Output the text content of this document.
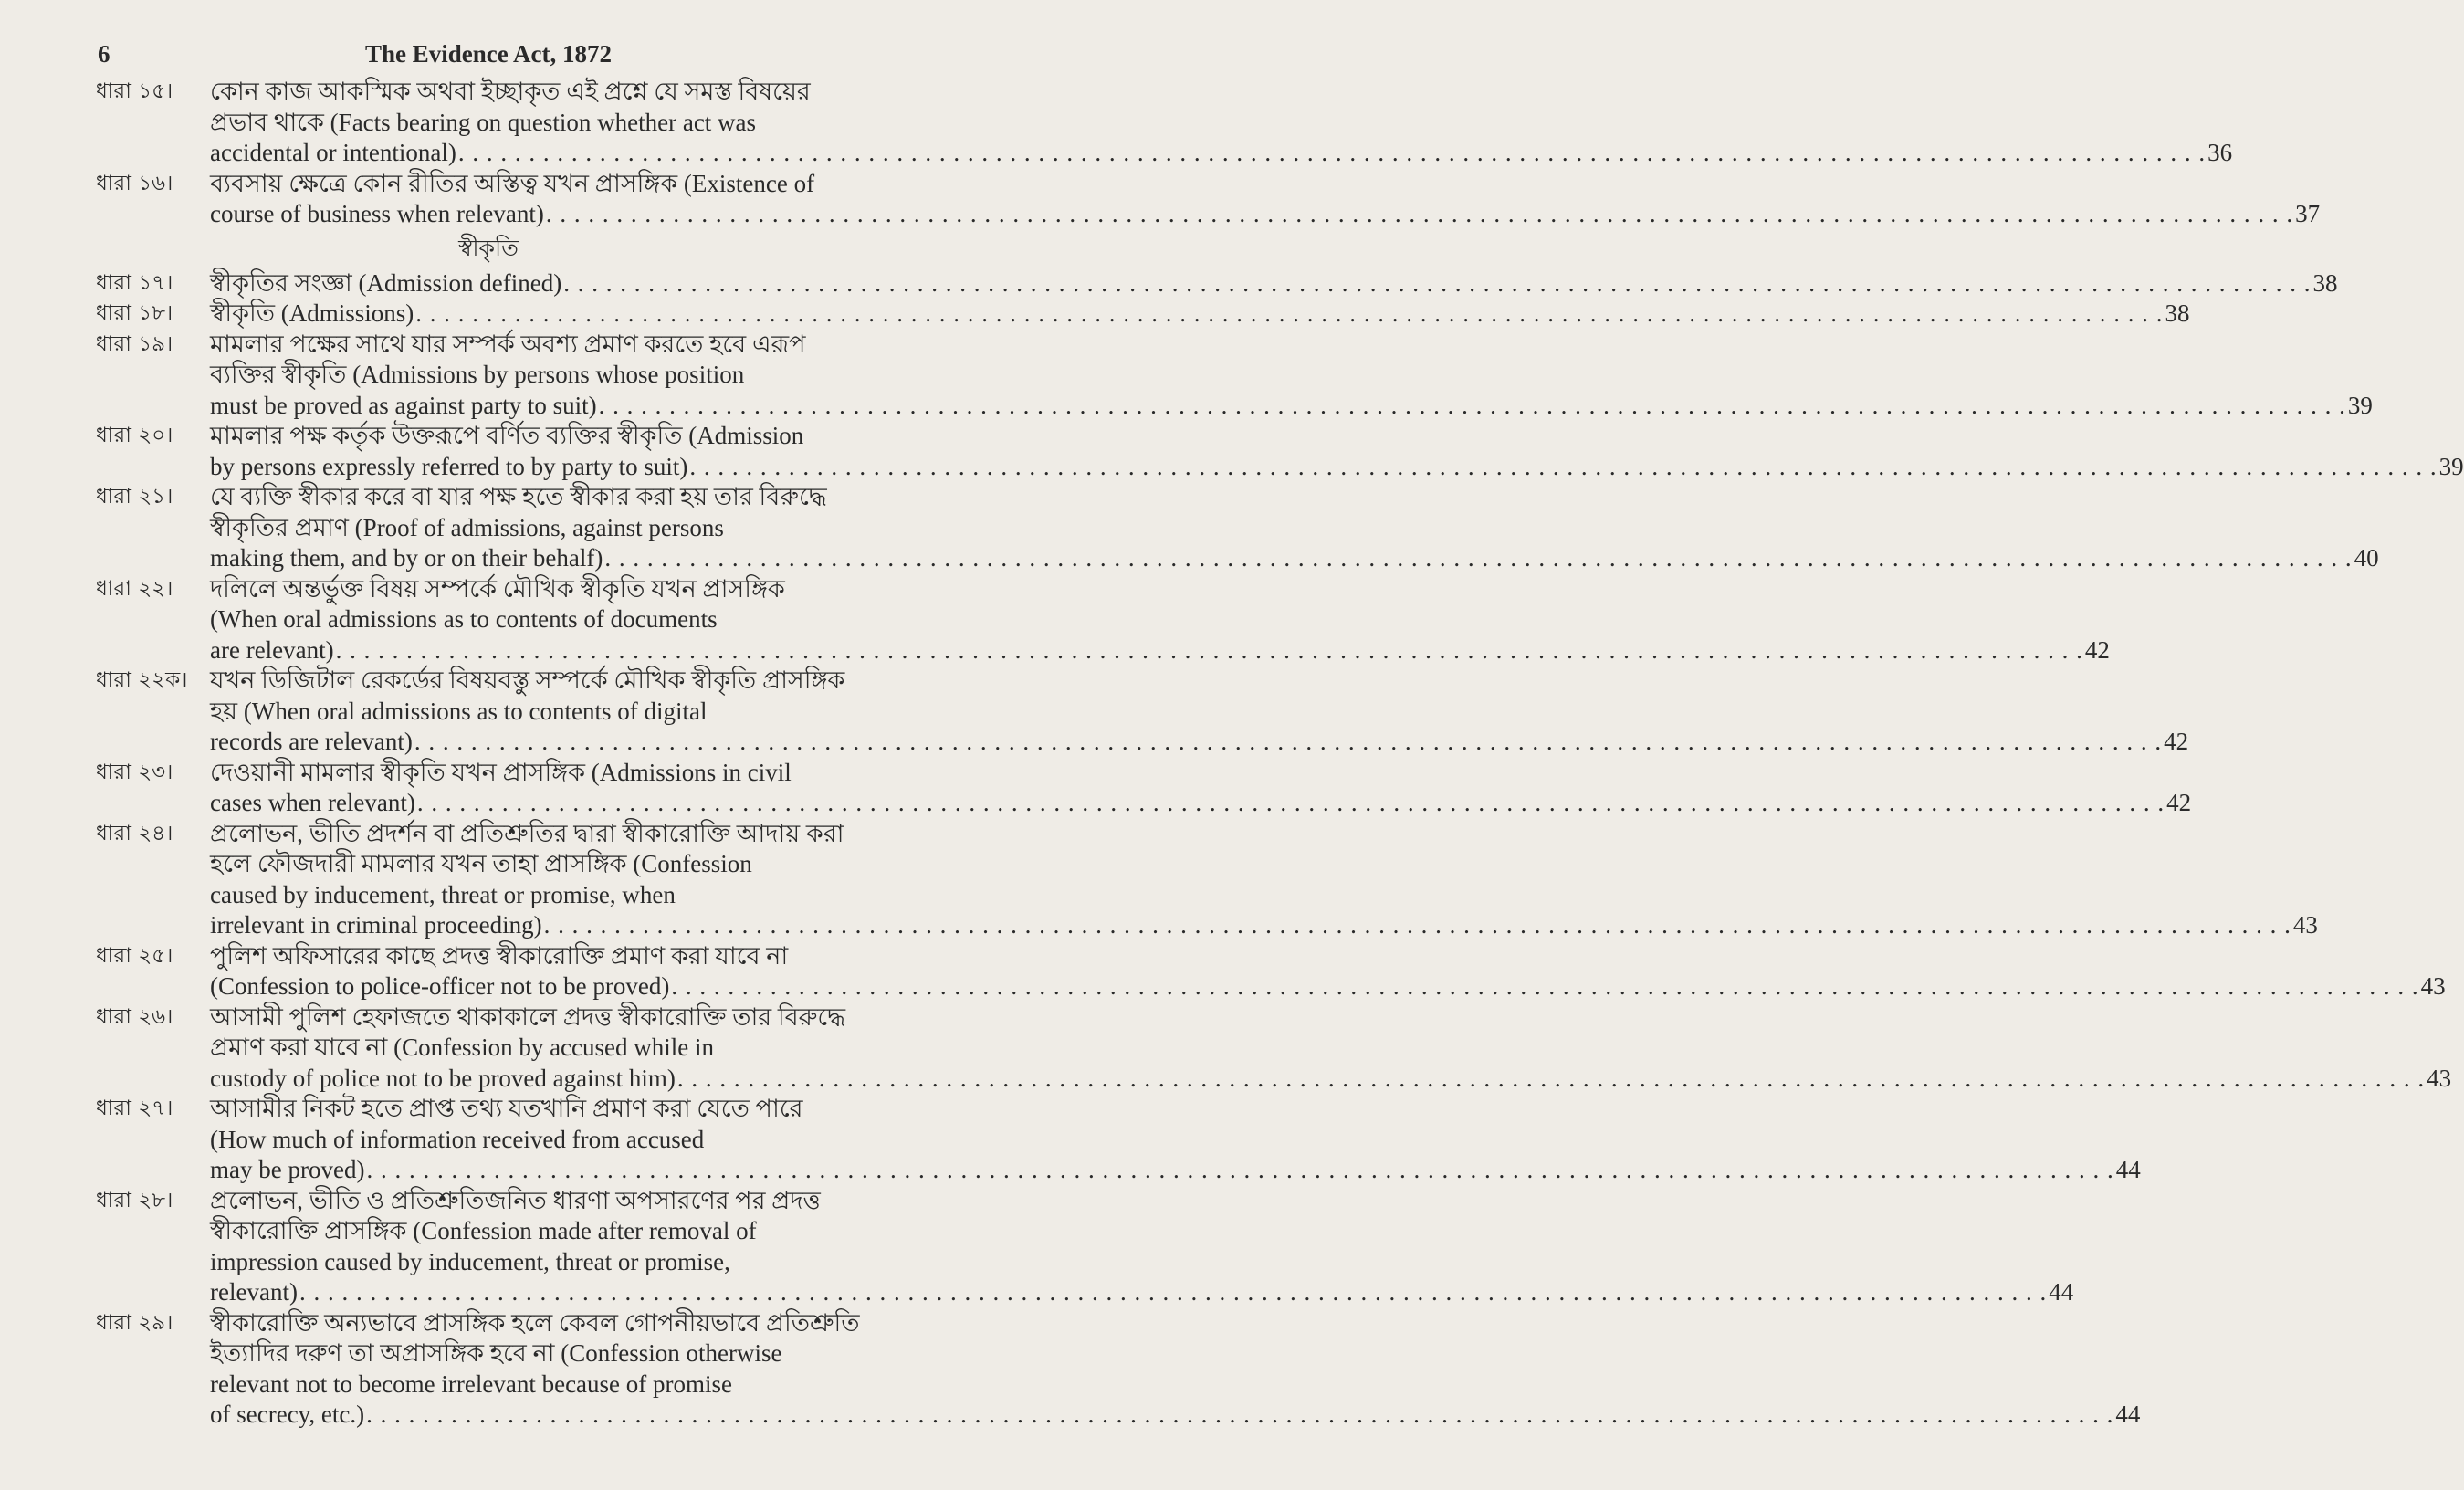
6	The Evidence Act, 1872
ধারা ১৫।	কোন কাজ আকস্মিক অথবা ইচ্ছাকৃত এই প্রশ্নে যে সমস্ত বিষয়ের
প্রভাব থাকে (Facts bearing on question whether act was
accidental or intentional) . . .	36
ধারা ১৬।	ব্যবসায় ক্ষেত্রে কোন রীতির অস্তিত্ব যখন প্রাসঙ্গিক (Existence of
course of business when relevant) . . .	37
স্বীকৃতি
ধারা ১৭।	স্বীকৃতির সংজ্ঞা (Admission defined) . . .	38
ধারা ১৮।	স্বীকৃতি (Admissions) . . .	38
ধারা ১৯।	মামলার পক্ষের সাথে যার সম্পর্ক অবশ্য প্রমাণ করতে হবে এরূপ
ব্যক্তির স্বীকৃতি (Admissions by persons whose position
must be proved as against party to suit) . . .	39
ধারা ২০।	মামলার পক্ষ কর্তৃক উক্তরূপে বর্ণিত ব্যক্তির স্বীকৃতি (Admission
by persons expressly referred to by party to suit) . . .	39
ধারা ২১।	যে ব্যক্তি স্বীকার করে বা যার পক্ষ হতে স্বীকার করা হয় তার বিরুদ্ধে
স্বীকৃতির প্রমাণ (Proof of admissions, against persons
making them, and by or on their behalf) . . .	40
ধারা ২২।	দলিলে অন্তর্ভুক্ত বিষয় সম্পর্কে মৌখিক স্বীকৃতি যখন প্রাসঙ্গিক
(When oral admissions as to contents of documents
are relevant) . . .	42
ধারা ২২ক। যখন ডিজিটাল রেকর্ডের বিষয়বস্তু সম্পর্কে মৌখিক স্বীকৃতি প্রাসঙ্গিক
হয় (When oral admissions as to contents of digital
records are relevant) . . .	42
ধারা ২৩।	দেওয়ানী মামলার স্বীকৃতি যখন প্রাসঙ্গিক (Admissions in civil
cases when relevant) . . .	42
ধারা ২৪।	প্রলোভন, ভীতি প্রদর্শন বা প্রতিশ্রুতির দ্বারা স্বীকারোক্তি আদায় করা
হলে ফৌজদারী মামলার যখন তাহা প্রাসঙ্গিক (Confession
caused by inducement, threat or promise, when
irrelevant in criminal proceeding) . . .	43
ধারা ২৫।	পুলিশ অফিসারের কাছে প্রদত্ত স্বীকারোক্তি প্রমাণ করা যাবে না
(Confession to police-officer not to be proved) . . .	43
ধারা ২৬।	আসামী পুলিশ হেফাজতে থাকাকালে প্রদত্ত স্বীকারোক্তি তার বিরুদ্ধে
প্রমাণ করা যাবে না (Confession by accused while in
custody of police not to be proved against him) . . .	43
ধারা ২৭।	আসামীর নিকট হতে প্রাপ্ত তথ্য যতখানি প্রমাণ করা যেতে পারে
(How much of information received from accused
may be proved) . . .	44
ধারা ২৮।	প্রলোভন, ভীতি ও প্রতিশ্রুতিজনিত ধারণা অপসারণের পর প্রদত্ত
স্বীকারোক্তি প্রাসঙ্গিক (Confession made after removal of
impression caused by inducement, threat or promise,
relevant) . . .	44
ধারা ২৯।	স্বীকারোক্তি অন্যভাবে প্রাসঙ্গিক হলে কেবল গোপনীয়ভাবে প্রতিশ্রুতি
ইত্যাদির দরুণ তা অপ্রাসঙ্গিক হবে না (Confession otherwise
relevant not to become irrelevant because of promise
of secrecy, etc.) . . .	44
